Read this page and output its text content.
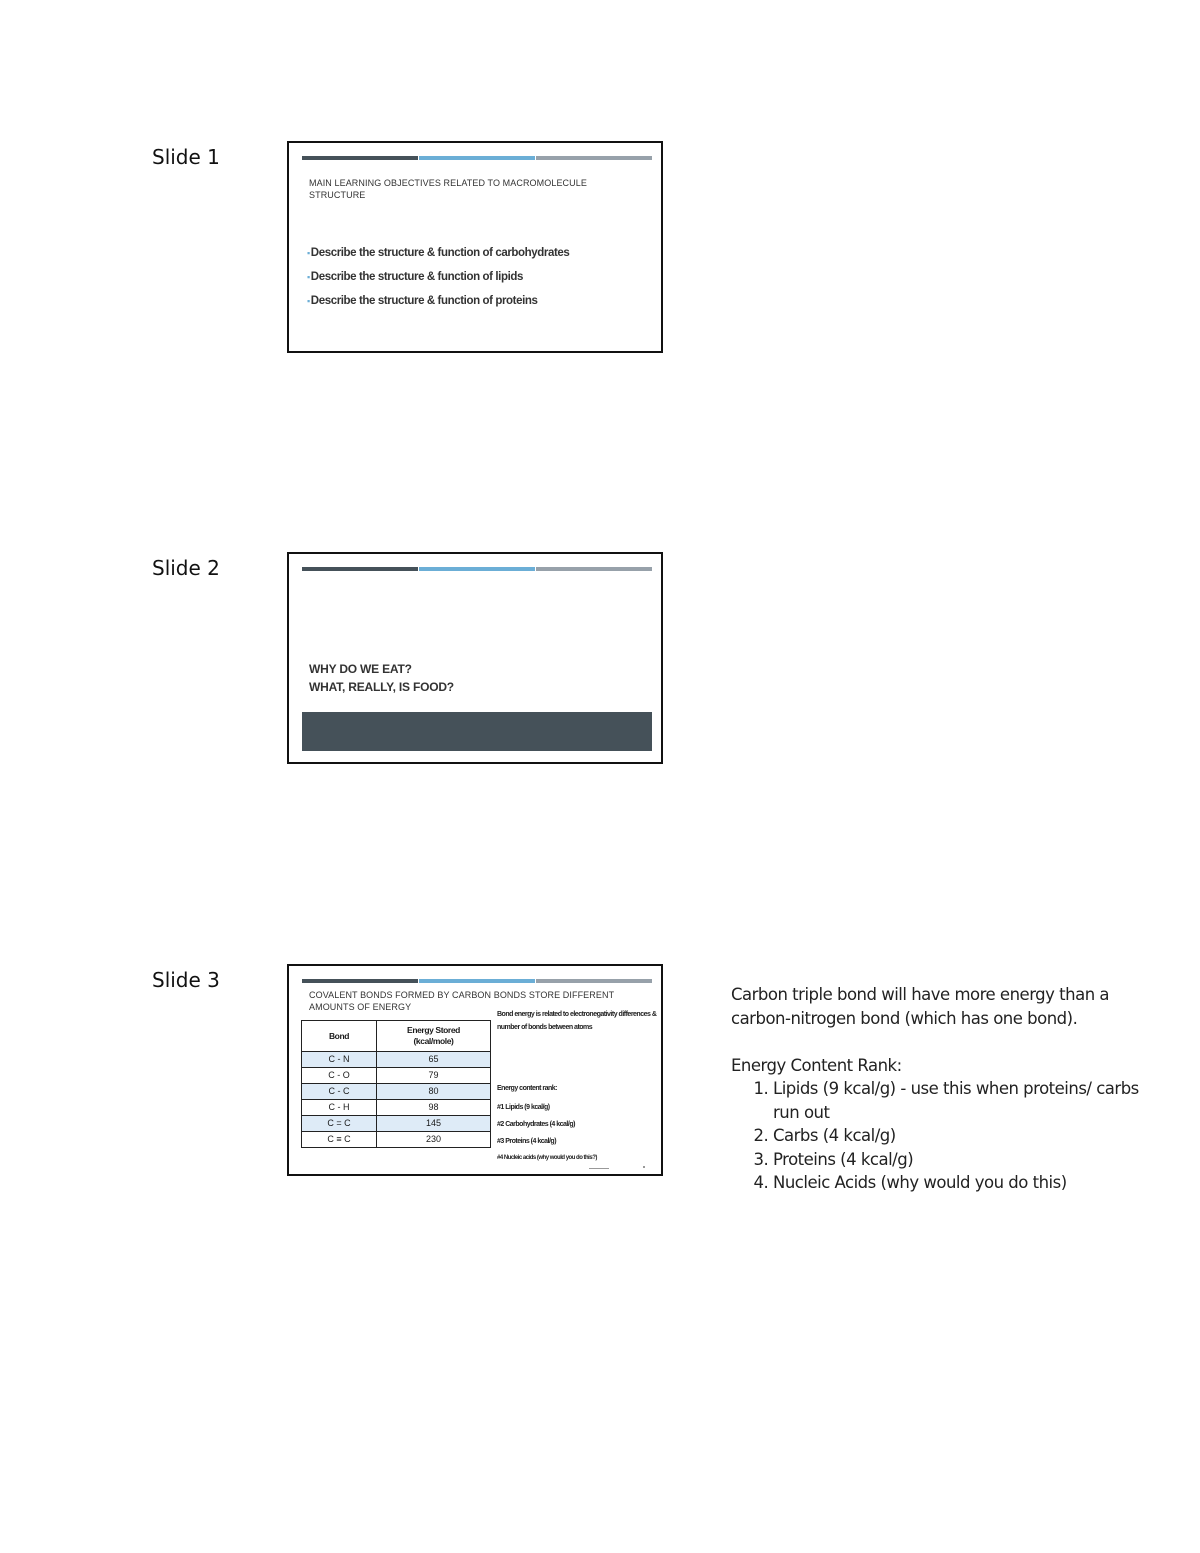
Slide 1
MAIN LEARNING OBJECTIVES RELATED TO MACROMOLECULE STRUCTURE
▪Describe the structure & function of carbohydrates
▪Describe the structure & function of lipids
▪Describe the structure & function of proteins
Slide 2
WHY DO WE EAT?
WHAT, REALLY, IS FOOD?
Slide 3
COVALENT BONDS FORMED BY CARBON BONDS STORE DIFFERENT AMOUNTS OF ENERGY
Bond	Energy Stored (kcal/mole)
C - N	65
C - O	79
C - C	80
C - H	98
C = C	145
C ≡ C	230
Bond energy is related to electronegativity differences & number of bonds between atoms
Energy content rank:
#1 Lipids (9 kcal/g)
#2 Carbohydrates (4 kcal/g)
#3 Proteins (4 kcal/g)
#4 Nucleic acids (why would you do this?)

Carbon triple bond will have more energy than a carbon-nitrogen bond (which has one bond).

Energy Content Rank:

1. Lipids (9 kcal/g) - use this when proteins/ carbs run out
2. Carbs (4 kcal/g)
3. Proteins (4 kcal/g)
4. Nucleic Acids (why would you do this)
